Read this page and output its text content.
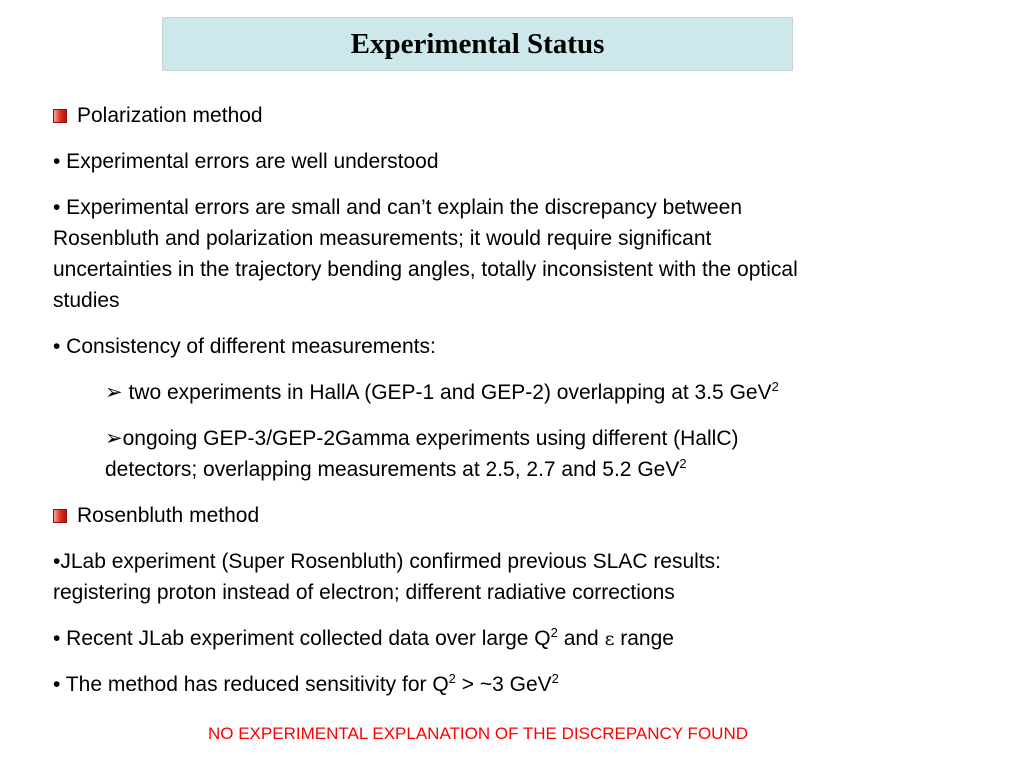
Experimental Status
Polarization method
• Experimental errors are well understood
• Experimental errors are small and can’t explain the discrepancy between
Rosenbluth and polarization measurements; it would require significant
uncertainties in the trajectory bending angles, totally inconsistent with the optical
studies
• Consistency of different measurements:
➢ two experiments in HallA (GEP-1 and GEP-2) overlapping at 3.5 GeV$^2$
➢ongoing GEP-3/GEP-2Gamma experiments using different (HallC)
detectors; overlapping measurements at 2.5, 2.7 and 5.2 GeV$^2$
Rosenbluth method
•JLab experiment (Super Rosenbluth) confirmed previous SLAC results:
registering proton instead of electron; different radiative corrections
• Recent JLab experiment collected data over large $Q^2$ and ε range
• The method has reduced sensitivity for $Q^2$ > ~3 GeV$^2$
NO EXPERIMENTAL EXPLANATION OF THE DISCREPANCY FOUND
